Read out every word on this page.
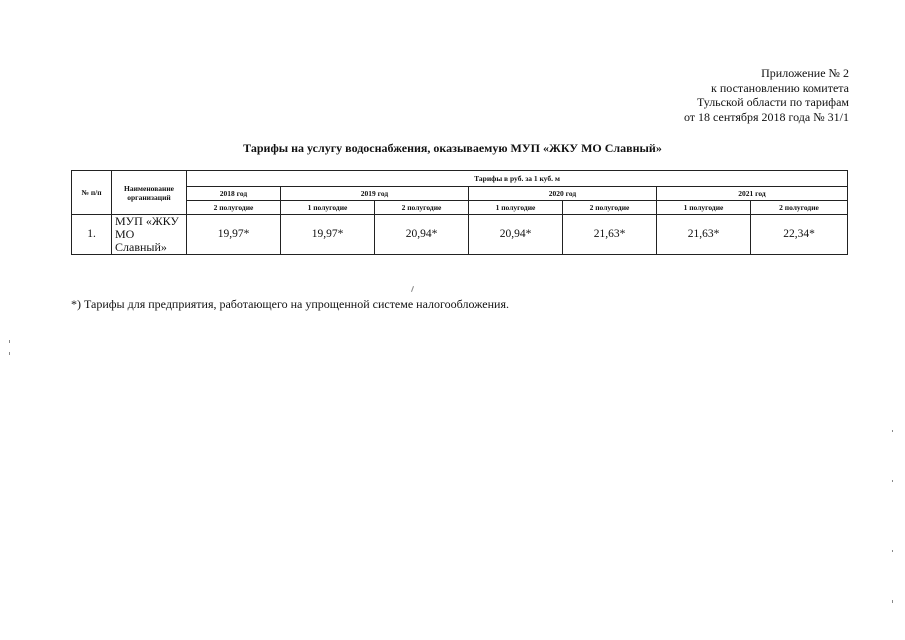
Приложение № 2
к постановлению комитета
Тульской области по тарифам
от 18 сентября 2018 года № 31/1
Тарифы на услугу водоснабжения, оказываемую МУП «ЖКУ МО Славный»
№ п/п	Наименование организаций	Тарифы в руб. за 1 куб. м						
		2018 год	2019 год		2020 год		2021 год	
		2 полугодие	1 полугодие	2 полугодие	1 полугодие	2 полугодие	1 полугодие	2 полугодие
1.	МУП «ЖКУ МО Славный»	19,97*	19,97*	20,94*	20,94*	21,63*	21,63*	22,34*
*) Тарифы для предприятия, работающего на упрощенной системе налогообложения.
